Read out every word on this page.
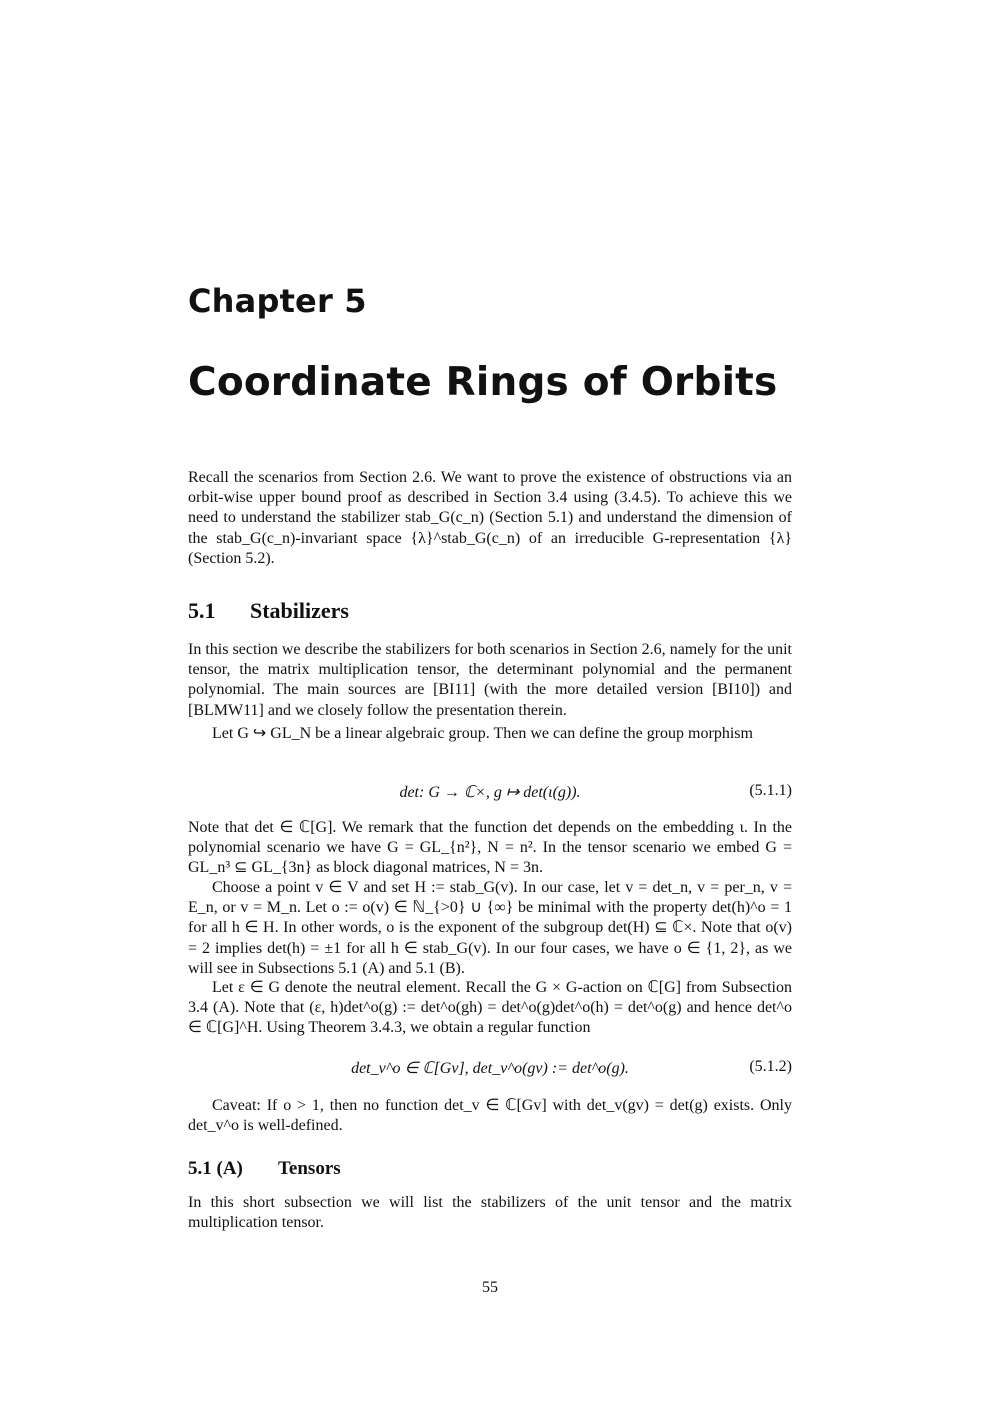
Chapter 5
Coordinate Rings of Orbits
Recall the scenarios from Section 2.6. We want to prove the existence of obstructions via an orbit-wise upper bound proof as described in Section 3.4 using (3.4.5). To achieve this we need to understand the stabilizer stab_G(c_n) (Section 5.1) and understand the dimension of the stab_G(c_n)-invariant space {λ}^stab_G(c_n) of an irreducible G-representation {λ} (Section 5.2).
5.1 Stabilizers
In this section we describe the stabilizers for both scenarios in Section 2.6, namely for the unit tensor, the matrix multiplication tensor, the determinant polynomial and the permanent polynomial. The main sources are [BI11] (with the more detailed version [BI10]) and [BLMW11] and we closely follow the presentation therein.
Let G ↪ GL_N be a linear algebraic group. Then we can define the group morphism
det: G → ℂ×, g ↦ det(ι(g)).	(5.1.1)
Note that det ∈ ℂ[G]. We remark that the function det depends on the embedding ι. In the polynomial scenario we have G = GL_{n²}, N = n². In the tensor scenario we embed G = GL_n³ ⊆ GL_{3n} as block diagonal matrices, N = 3n.
Choose a point v ∈ V and set H := stab_G(v). In our case, let v = det_n, v = per_n, v = E_n, or v = M_n. Let o := o(v) ∈ ℕ_{>0} ∪ {∞} be minimal with the property det(h)^o = 1 for all h ∈ H. In other words, o is the exponent of the subgroup det(H) ⊆ ℂ×. Note that o(v) = 2 implies det(h) = ±1 for all h ∈ stab_G(v). In our four cases, we have o ∈ {1, 2}, as we will see in Subsections 5.1 (A) and 5.1 (B).
Let ε ∈ G denote the neutral element. Recall the G × G-action on ℂ[G] from Subsection 3.4 (A). Note that (ε, h)det^o(g) := det^o(gh) = det^o(g)det^o(h) = det^o(g) and hence det^o ∈ ℂ[G]^H. Using Theorem 3.4.3, we obtain a regular function
det_v^o ∈ ℂ[Gv], det_v^o(gv) := det^o(g).	(5.1.2)
Caveat: If o > 1, then no function det_v ∈ ℂ[Gv] with det_v(gv) = det(g) exists. Only det_v^o is well-defined.
5.1 (A) Tensors
In this short subsection we will list the stabilizers of the unit tensor and the matrix multiplication tensor.
55
